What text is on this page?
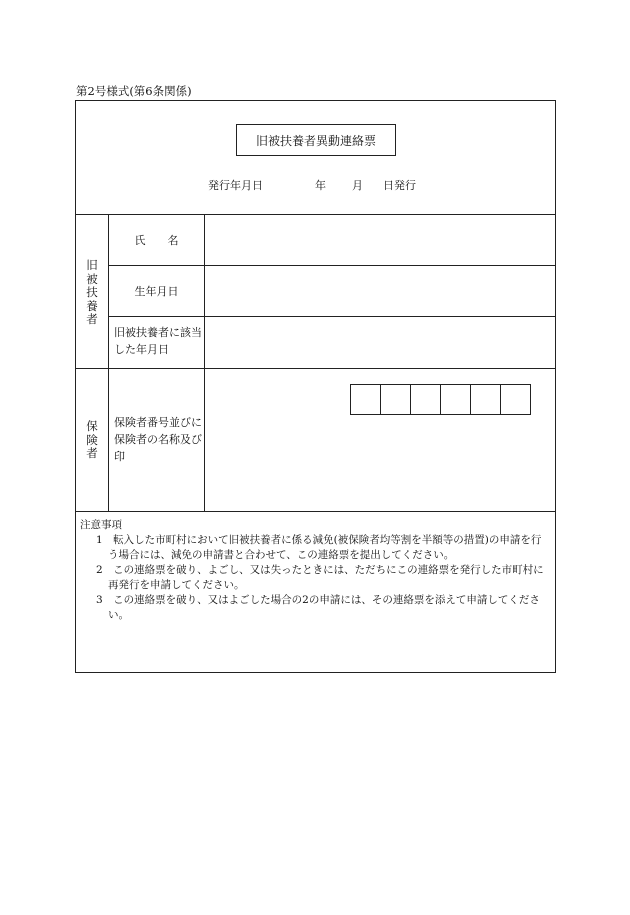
第2号様式(第6条関係)
旧被扶養者異動連絡票
発行年月日	年 月 日発行
旧被扶養者
氏　　名
生年月日
旧被扶養者に該当した年月日
保険者
保険者番号並びに保険者の名称及び印
注意事項
1　転入した市町村において旧被扶養者に係る減免(被保険者均等割を半額等の措置)の申請を行う場合には、減免の申請書と合わせて、この連絡票を提出してください。
2　この連絡票を破り、よごし、又は失ったときには、ただちにこの連絡票を発行した市町村に再発行を申請してください。
3　この連絡票を破り、又はよごした場合の2の申請には、その連絡票を添えて申請してください。
